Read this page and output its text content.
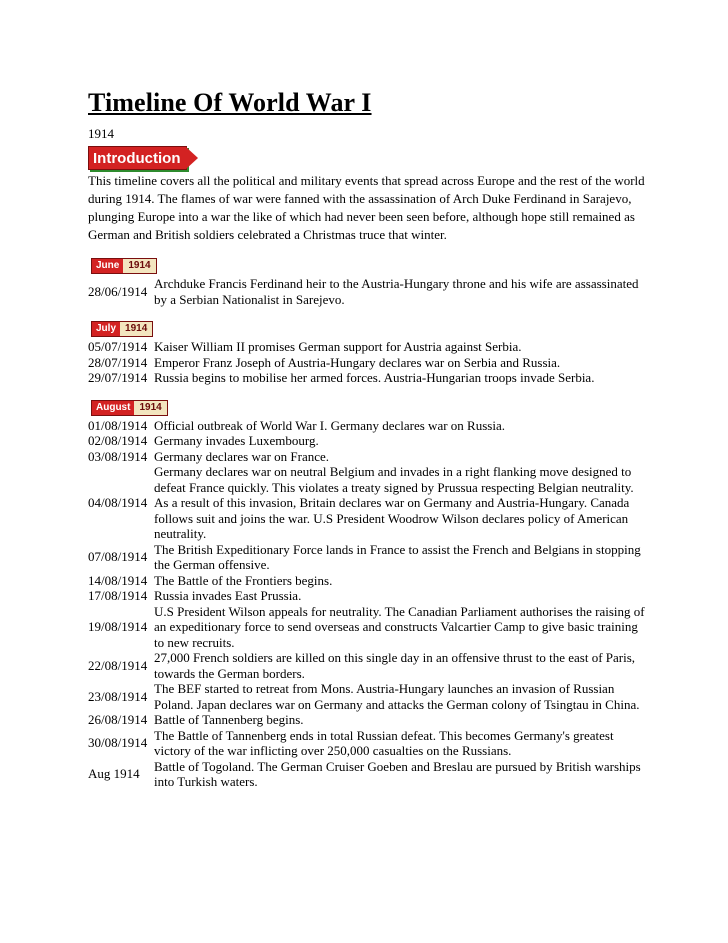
Timeline Of World War I
1914
Introduction
This timeline covers all the political and military events that spread across Europe and the rest of the world during 1914. The flames of war were fanned with the assassination of Arch Duke Ferdinand in Sarajevo, plunging Europe into a war the like of which had never been seen before, although hope still remained as German and British soldiers celebrated a Christmas truce that winter.
June 1914
28/06/1914	Archduke Francis Ferdinand heir to the Austria-Hungary throne and his wife are assassinated by a Serbian Nationalist in Sarejevo.
July 1914
05/07/1914	Kaiser William II promises German support for Austria against Serbia.
28/07/1914	Emperor Franz Joseph of Austria-Hungary declares war on Serbia and Russia.
29/07/1914	Russia begins to mobilise her armed forces. Austria-Hungarian troops invade Serbia.
August 1914
01/08/1914	Official outbreak of World War I. Germany declares war on Russia.
02/08/1914	Germany invades Luxembourg.
03/08/1914	Germany declares war on France.
04/08/1914	Germany declares war on neutral Belgium and invades in a right flanking move designed to defeat France quickly. This violates a treaty signed by Prussua respecting Belgian neutrality. As a result of this invasion, Britain declares war on Germany and Austria-Hungary. Canada follows suit and joins the war. U.S President Woodrow Wilson declares policy of American neutrality.
07/08/1914	The British Expeditionary Force lands in France to assist the French and Belgians in stopping the German offensive.
14/08/1914	The Battle of the Frontiers begins.
17/08/1914	Russia invades East Prussia.
19/08/1914	U.S President Wilson appeals for neutrality. The Canadian Parliament authorises the raising of an expeditionary force to send overseas and constructs Valcartier Camp to give basic training to new recruits.
22/08/1914	27,000 French soldiers are killed on this single day in an offensive thrust to the east of Paris, towards the German borders.
23/08/1914	The BEF started to retreat from Mons. Austria-Hungary launches an invasion of Russian Poland. Japan declares war on Germany and attacks the German colony of Tsingtau in China.
26/08/1914	Battle of Tannenberg begins.
30/08/1914	The Battle of Tannenberg ends in total Russian defeat. This becomes Germany's greatest victory of the war inflicting over 250,000 casualties on the Russians.
Aug 1914	Battle of Togoland. The German Cruiser Goeben and Breslau are pursued by British warships into Turkish waters.
